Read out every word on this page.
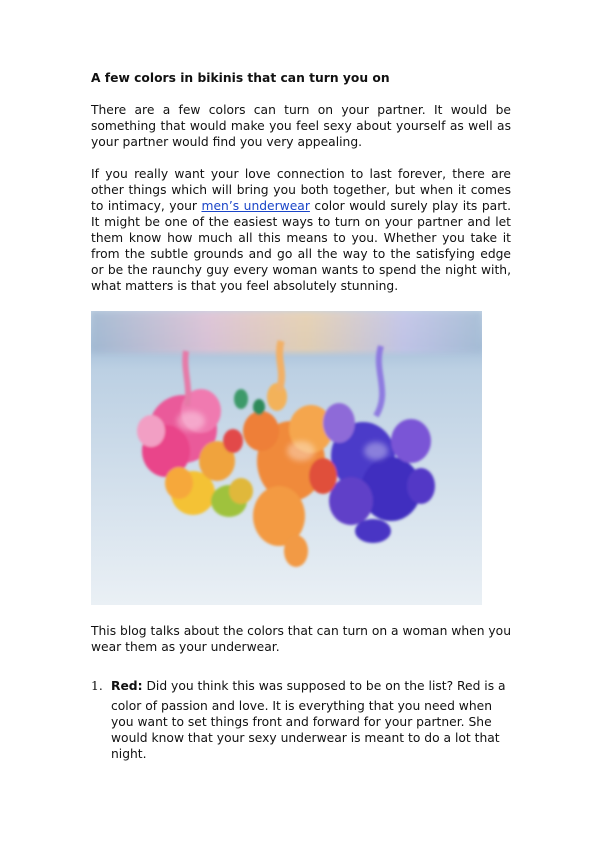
A few colors in bikinis that can turn you on

There are a few colors can turn on your partner. It would be something that would make you feel sexy about yourself as well as your partner would find you very appealing.

If you really want your love connection to last forever, there are other things which will bring you both together, but when it comes to intimacy, your men’s underwear color would surely play its part. It might be one of the easiest ways to turn on your partner and let them know how much all this means to you. Whether you take it from the subtle grounds and go all the way to the satisfying edge or be the raunchy guy every woman wants to spend the night with, what matters is that you feel absolutely stunning.

This blog talks about the colors that can turn on a woman when you wear them as your underwear.

1. Red: Did you think this was supposed to be on the list? Red is a
color of passion and love. It is everything that you need when you want to set things front and forward for your partner. She would know that your sexy underwear is meant to do a lot that night.
